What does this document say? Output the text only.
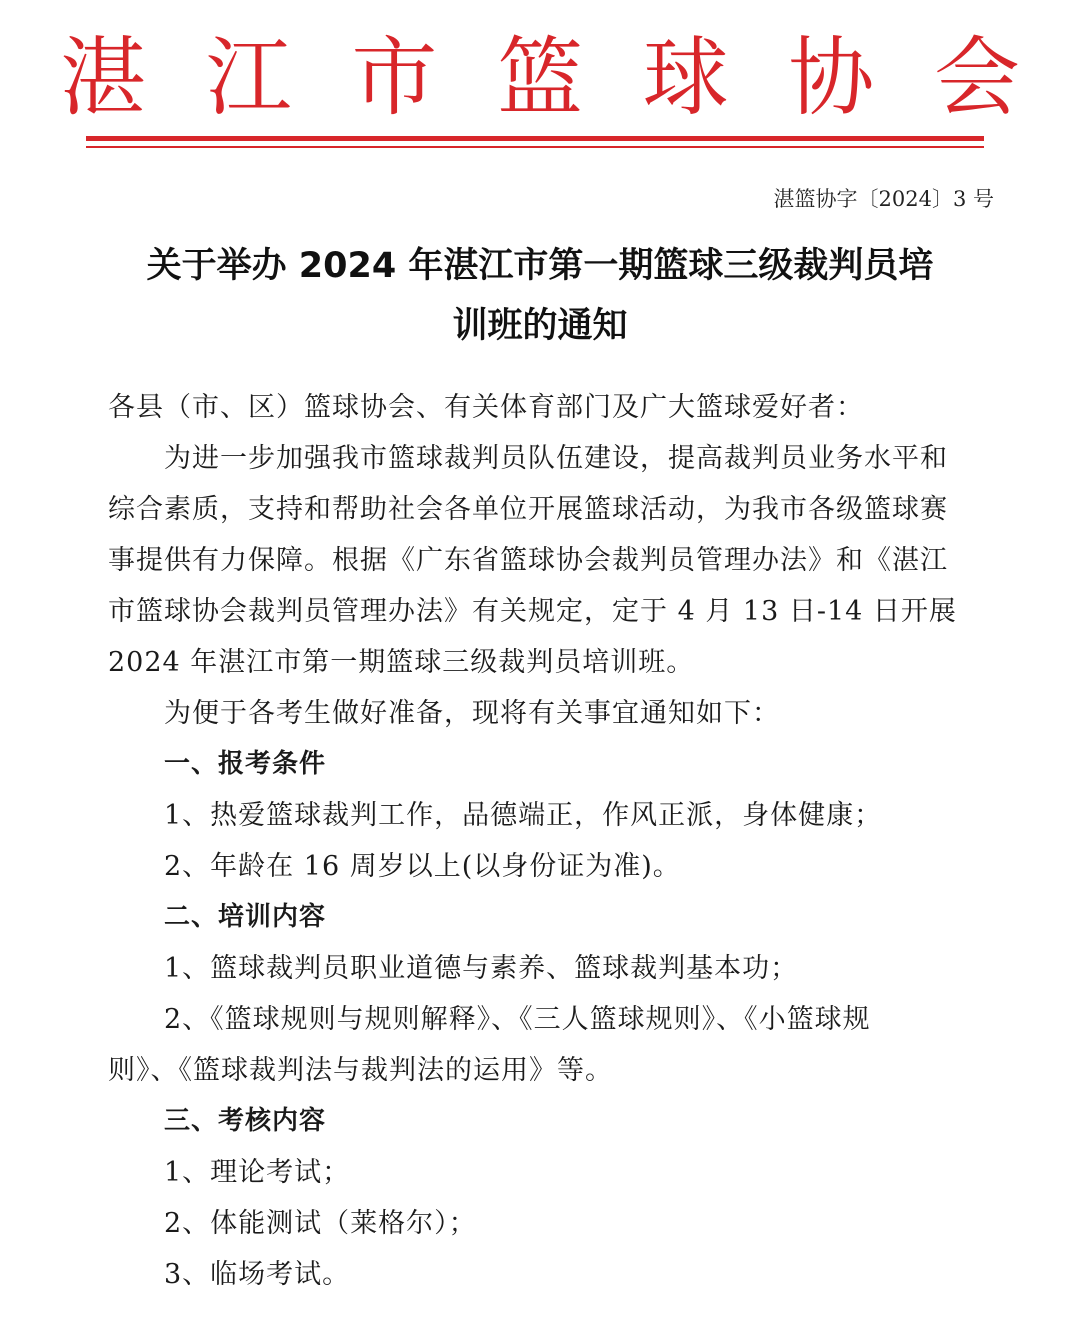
湛 江 市 篮 球 协 会
湛篮协字〔2024〕3 号
关于举办 2024 年湛江市第一期篮球三级裁判员培
训班的通知

各县（市、区）篮球协会、有关体育部门及广大篮球爱好者：

为进一步加强我市篮球裁判员队伍建设，提高裁判员业务水平和

综合素质，支持和帮助社会各单位开展篮球活动，为我市各级篮球赛

事提供有力保障。根据《广东省篮球协会裁判员管理办法》和《湛江

市篮球协会裁判员管理办法》有关规定，定于 4 月 13 日-14 日开展

2024 年湛江市第一期篮球三级裁判员培训班。

为便于各考生做好准备，现将有关事宜通知如下：

一、报考条件

1、热爱篮球裁判工作，品德端正，作风正派，身体健康；

2、年龄在 16 周岁以上(以身份证为准)。

二、培训内容

1、篮球裁判员职业道德与素养、篮球裁判基本功；

2、《篮球规则与规则解释》、《三人篮球规则》、《小篮球规

则》、《篮球裁判法与裁判法的运用》等。

三、考核内容

1、理论考试；

2、体能测试（莱格尔）；

3、临场考试。
